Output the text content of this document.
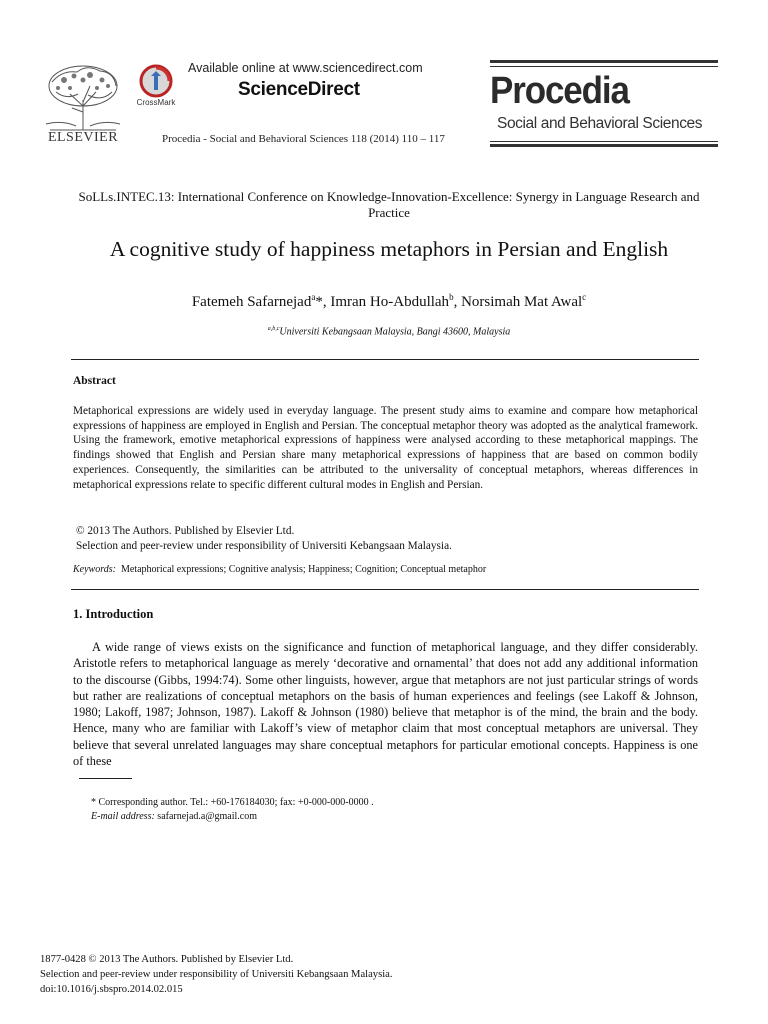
ELSEVIER
CrossMark
Available online at www.sciencedirect.com
ScienceDirect
Procedia - Social and Behavioral Sciences 118 (2014) 110 – 117
Procedia
Social and Behavioral Sciences
SoLLs.INTEC.13: International Conference on Knowledge-Innovation-Excellence: Synergy in Language Research and Practice
A cognitive study of happiness metaphors in Persian and English
Fatemeh Safarnejad$^a$*, Imran Ho-Abdullah$^b$, Norsimah Mat Awal$^c$
$^{a,b,c}$Universiti Kebangsaan Malaysia, Bangi 43600, Malaysia
Abstract
Metaphorical expressions are widely used in everyday language. The present study aims to examine and compare how metaphorical expressions of happiness are employed in English and Persian. The conceptual metaphor theory was adopted as the analytical framework. Using the framework, emotive metaphorical expressions of happiness were analysed according to these metaphorical mappings. The findings showed that English and Persian share many metaphorical expressions of happiness that are based on common bodily experiences. Consequently, the similarities can be attributed to the universality of conceptual metaphors, whereas differences in metaphorical expressions relate to specific different cultural modes in English and Persian.
© 2013 The Authors. Published by Elsevier Ltd.
Selection and peer-review under responsibility of Universiti Kebangsaan Malaysia.
Keywords: Metaphorical expressions; Cognitive analysis; Happiness; Cognition; Conceptual metaphor
1. Introduction
A wide range of views exists on the significance and function of metaphorical language, and they differ considerably. Aristotle refers to metaphorical language as merely ‘decorative and ornamental’ that does not add any additional information to the discourse (Gibbs, 1994:74). Some other linguists, however, argue that metaphors are not just particular strings of words but rather are realizations of conceptual metaphors on the basis of human experiences and feelings (see Lakoff & Johnson, 1980; Lakoff, 1987; Johnson, 1987). Lakoff & Johnson (1980) believe that metaphor is of the mind, the brain and the body. Hence, many who are familiar with Lakoff’s view of metaphor claim that most conceptual metaphors are universal. They believe that several unrelated languages may share conceptual metaphors for particular emotional concepts. Happiness is one of these
* Corresponding author. Tel.: +60-176184030; fax: +0-000-000-0000 .
E-mail address: safarnejad.a@gmail.com
1877-0428 © 2013 The Authors. Published by Elsevier Ltd.
Selection and peer-review under responsibility of Universiti Kebangsaan Malaysia.
doi:10.1016/j.sbspro.2014.02.015
